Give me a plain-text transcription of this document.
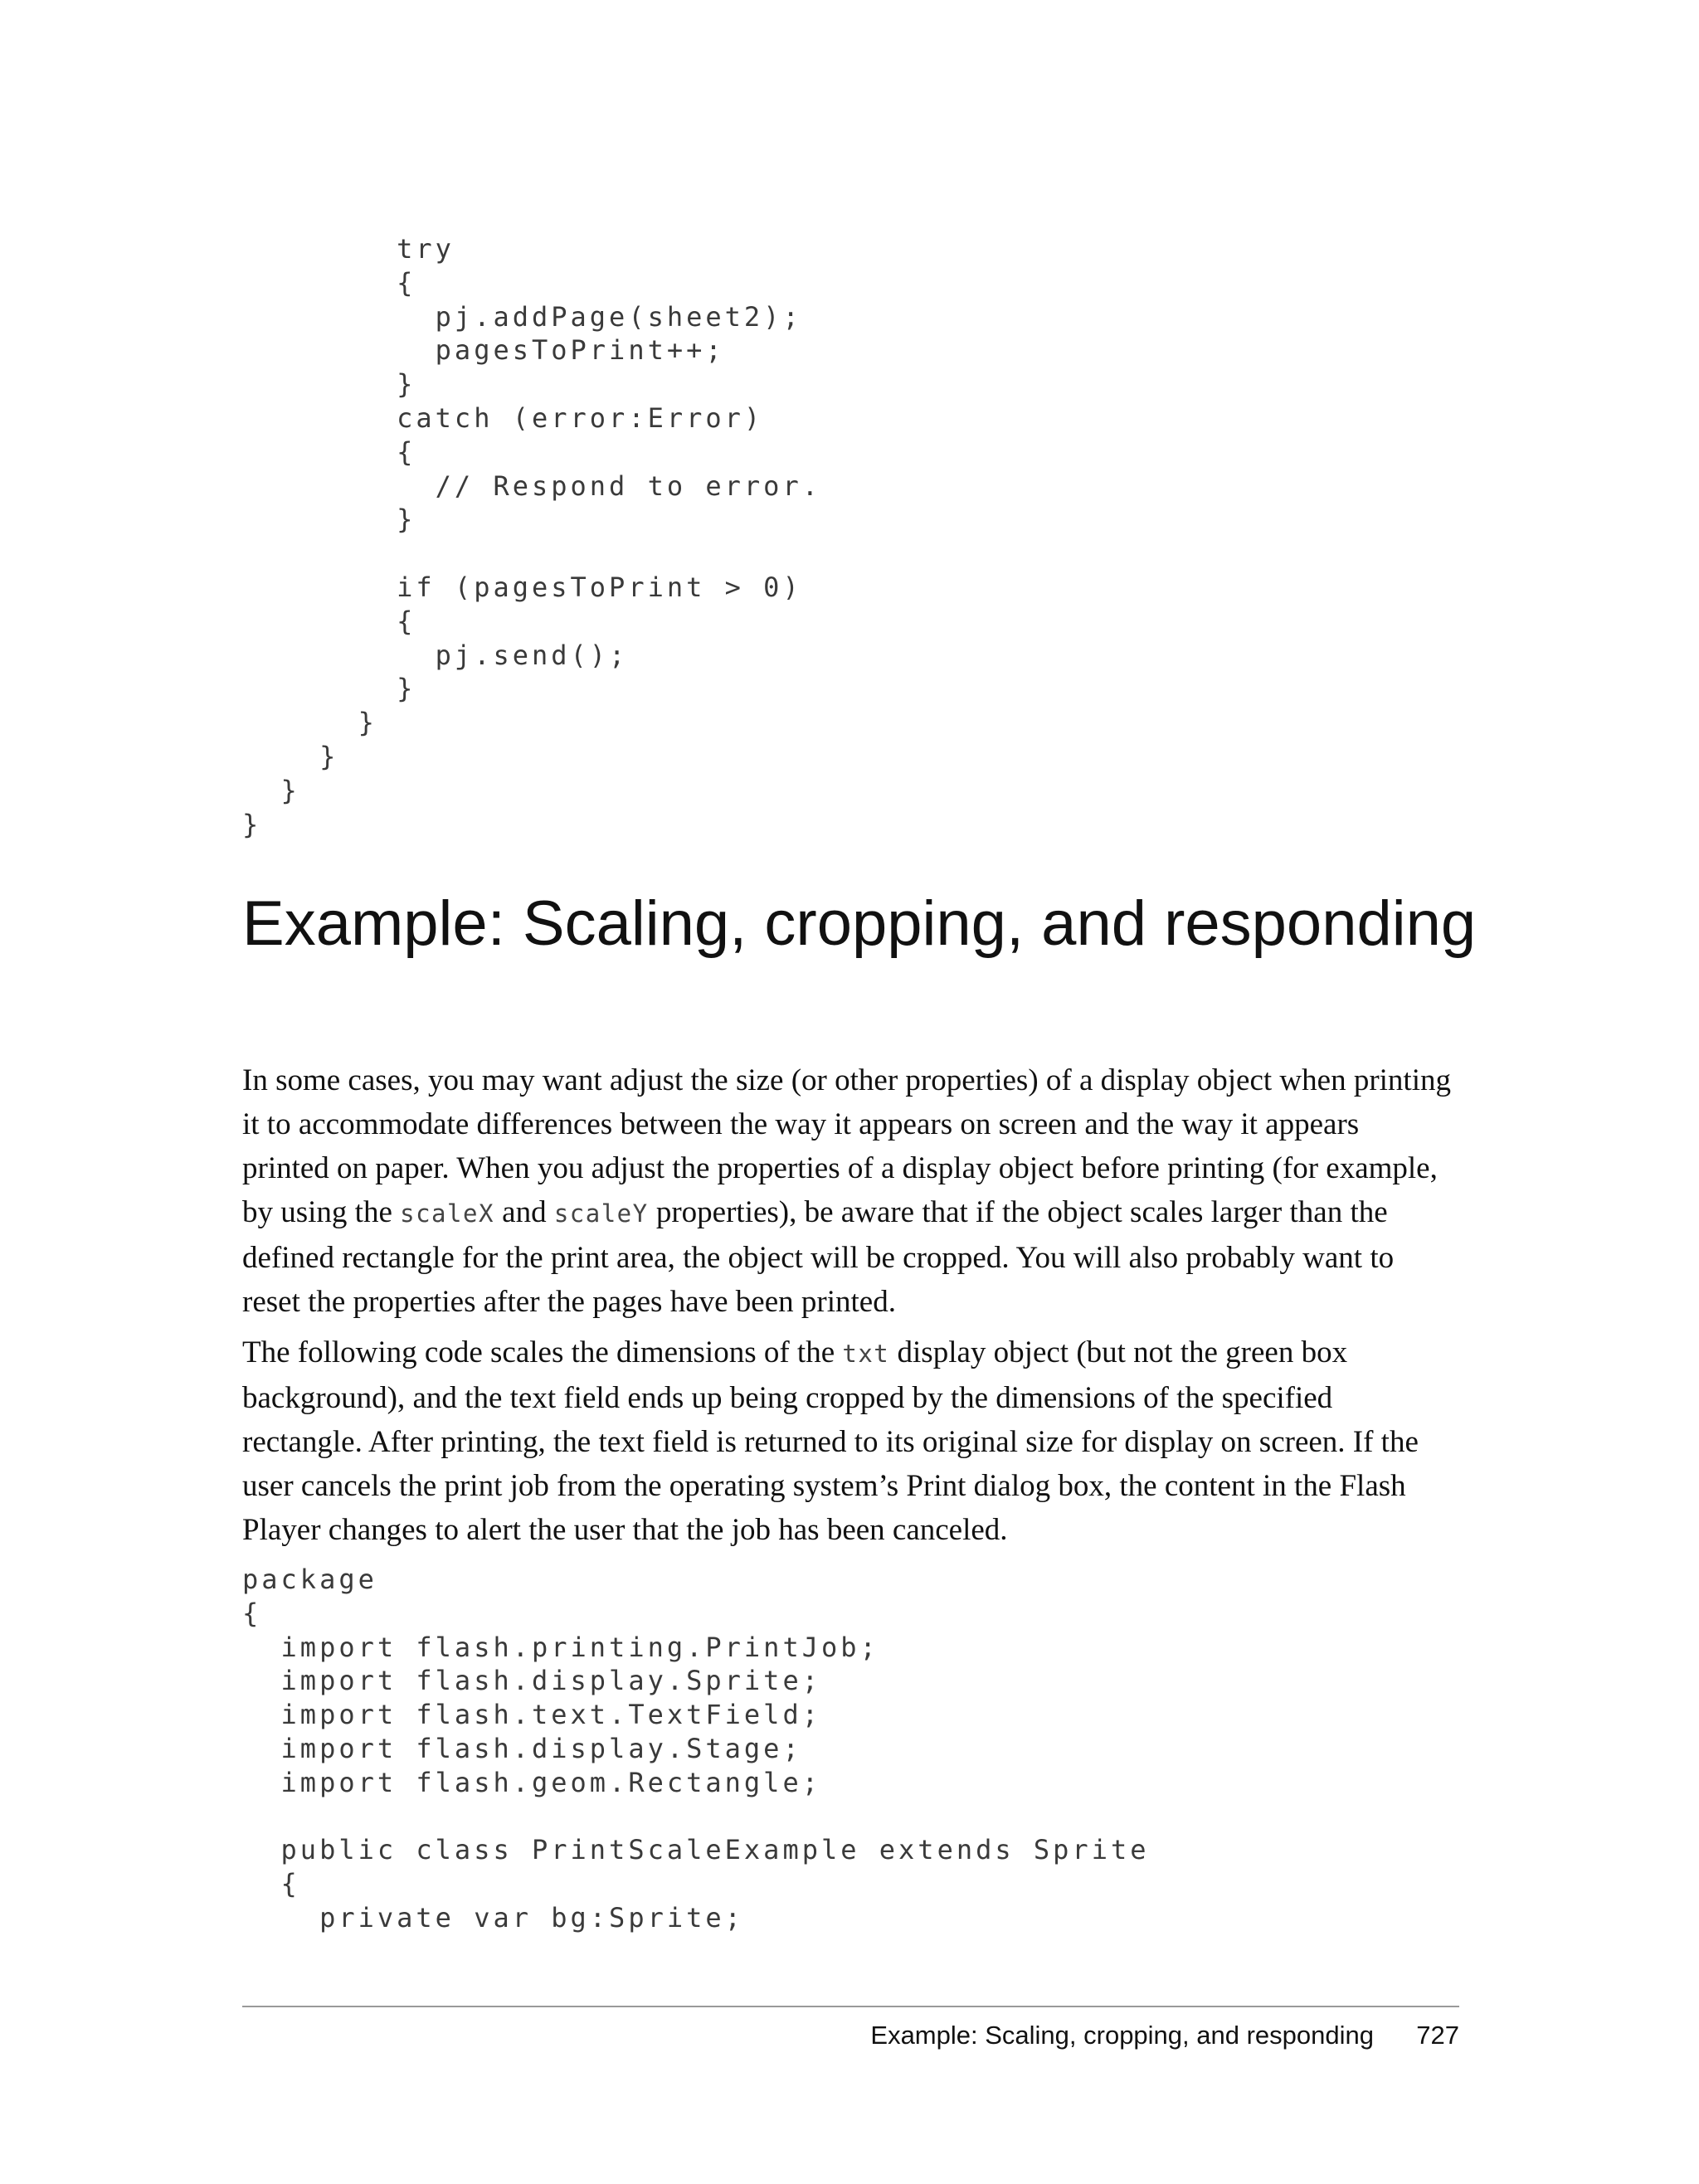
try
{
pj.addPage(sheet2);
pagesToPrint++;
}
catch (error:Error)
{
// Respond to error.
}

if (pagesToPrint > 0)
{
pj.send();
}
}
}
}
}
Example: Scaling, cropping, and responding

In some cases, you may want adjust the size (or other properties) of a display object when printing it to accommodate differences between the way it appears on screen and the way it appears printed on paper. When you adjust the properties of a display object before printing (for example, by using the scaleX and scaleY properties), be aware that if the object scales larger than the defined rectangle for the print area, the object will be cropped. You will also probably want to reset the properties after the pages have been printed.

The following code scales the dimensions of the txt display object (but not the green box background), and the text field ends up being cropped by the dimensions of the specified rectangle. After printing, the text field is returned to its original size for display on screen. If the user cancels the print job from the operating system’s Print dialog box, the content in the Flash Player changes to alert the user that the job has been canceled.

package
{
import flash.printing.PrintJob;
import flash.display.Sprite;
import flash.text.TextField;
import flash.display.Stage;
import flash.geom.Rectangle;

public class PrintScaleExample extends Sprite
{
private var bg:Sprite;
Example: Scaling, cropping, and responding 727
